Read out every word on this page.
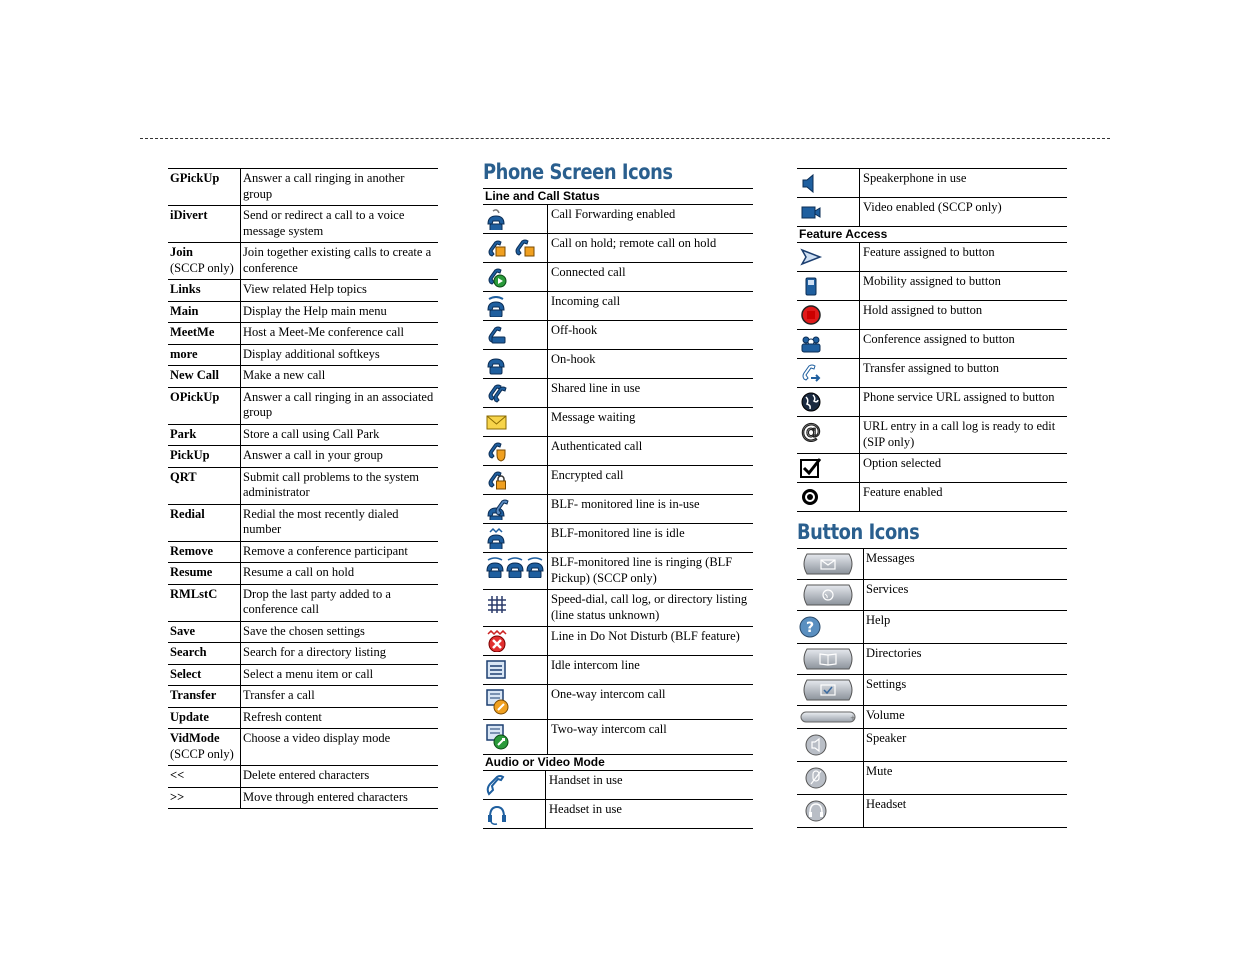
GPickUp	Answer a call ringing in another group
iDivert	Send or redirect a call to a voice message system
Join
(SCCP only)	Join together existing calls to create a conference
Links	View related Help topics
Main	Display the Help main menu
MeetMe	Host a Meet-Me conference call
more	Display additional softkeys
New Call	Make a new call
OPickUp	Answer a call ringing in an associated group
Park	Store a call using Call Park
PickUp	Answer a call in your group
QRT	Submit call problems to the system administrator
Redial	Redial the most recently dialed number
Remove	Remove a conference participant
Resume	Resume a call on hold
RMLstC	Drop the last party added to a conference call
Save	Save the chosen settings
Search	Search for a directory listing
Select	Select a menu item or call
Transfer	Transfer a call
Update	Refresh content
VidMode
(SCCP only)	Choose a video display mode
<<	Delete entered characters
>>	Move through entered characters
Phone Screen Icons
Line and Call Status
	Call Forwarding enabled

	Call on hold; remote call on hold

	Connected call

	Incoming call

	Off-hook

	On-hook

	Shared line in use

	Message waiting

	Authenticated call

	Encrypted call

	BLF- monitored line is in-use

	BLF-monitored line is idle

	BLF-monitored line is ringing (BLF Pickup) (SCCP only)

	Speed-dial, call log, or directory listing (line status unknown)

	Line in Do Not Disturb (BLF feature)

	Idle intercom line

	One-way intercom call

	Two-way intercom call
Audio or Video Mode
	Handset in use

	Headset in use
	Speakerphone in use

	Video enabled (SCCP only)
Feature Access
	Feature assigned to button

	Mobility assigned to button

	Hold assigned to button

	Conference assigned to button

	Transfer assigned to button

	Phone service URL assigned to button

@	URL entry in a call log is ready to edit (SIP only)

	Option selected

	Feature enabled
Button Icons
	Messages

	Services

?	Help

	Directories

	Settings

+	Volume

	Speaker

	Mute

	Headset
